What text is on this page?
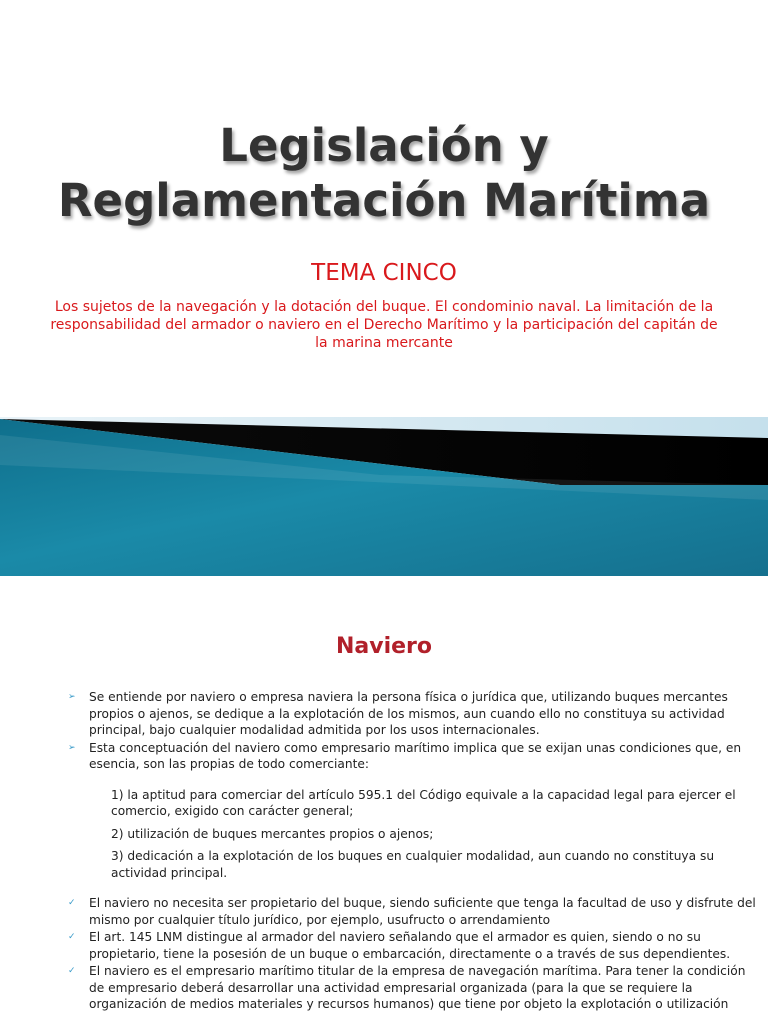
Legislación y
Reglamentación Marítima

TEMA CINCO

Los sujetos de la navegación y la dotación del buque. El condominio naval. La limitación de la responsabilidad del armador o naviero en el Derecho Marítimo y la participación del capitán de la marina mercante

Naviero
➢ Se entiende por naviero o empresa naviera la persona física o jurídica que, utilizando buques mercantes propios o ajenos, se dedique a la explotación de los mismos, aun cuando ello no constituya su actividad principal, bajo cualquier modalidad admitida por los usos internacionales.
➢ Esta conceptuación del naviero como empresario marítimo implica que se exijan unas condiciones que, en esencia, son las propias de todo comerciante:
1) la aptitud para comerciar del artículo 595.1 del Código equivale a la capacidad legal para ejercer el comercio, exigido con carácter general;
2) utilización de buques mercantes propios o ajenos;
3) dedicación a la explotación de los buques en cualquier modalidad, aun cuando no constituya su actividad principal.
✓ El naviero no necesita ser propietario del buque, siendo suficiente que tenga la facultad de uso y disfrute del mismo por cualquier título jurídico, por ejemplo, usufructo o arrendamiento
✓ El art. 145 LNM distingue al armador del naviero señalando que el armador es quien, siendo o no su propietario, tiene la posesión de un buque o embarcación, directamente o a través de sus dependientes.
✓ El naviero es el empresario marítimo titular de la empresa de navegación marítima. Para tener la condición de empresario deberá desarrollar una actividad empresarial organizada (para la que se requiere la organización de medios materiales y recursos humanos) que tiene por objeto la explotación o utilización
